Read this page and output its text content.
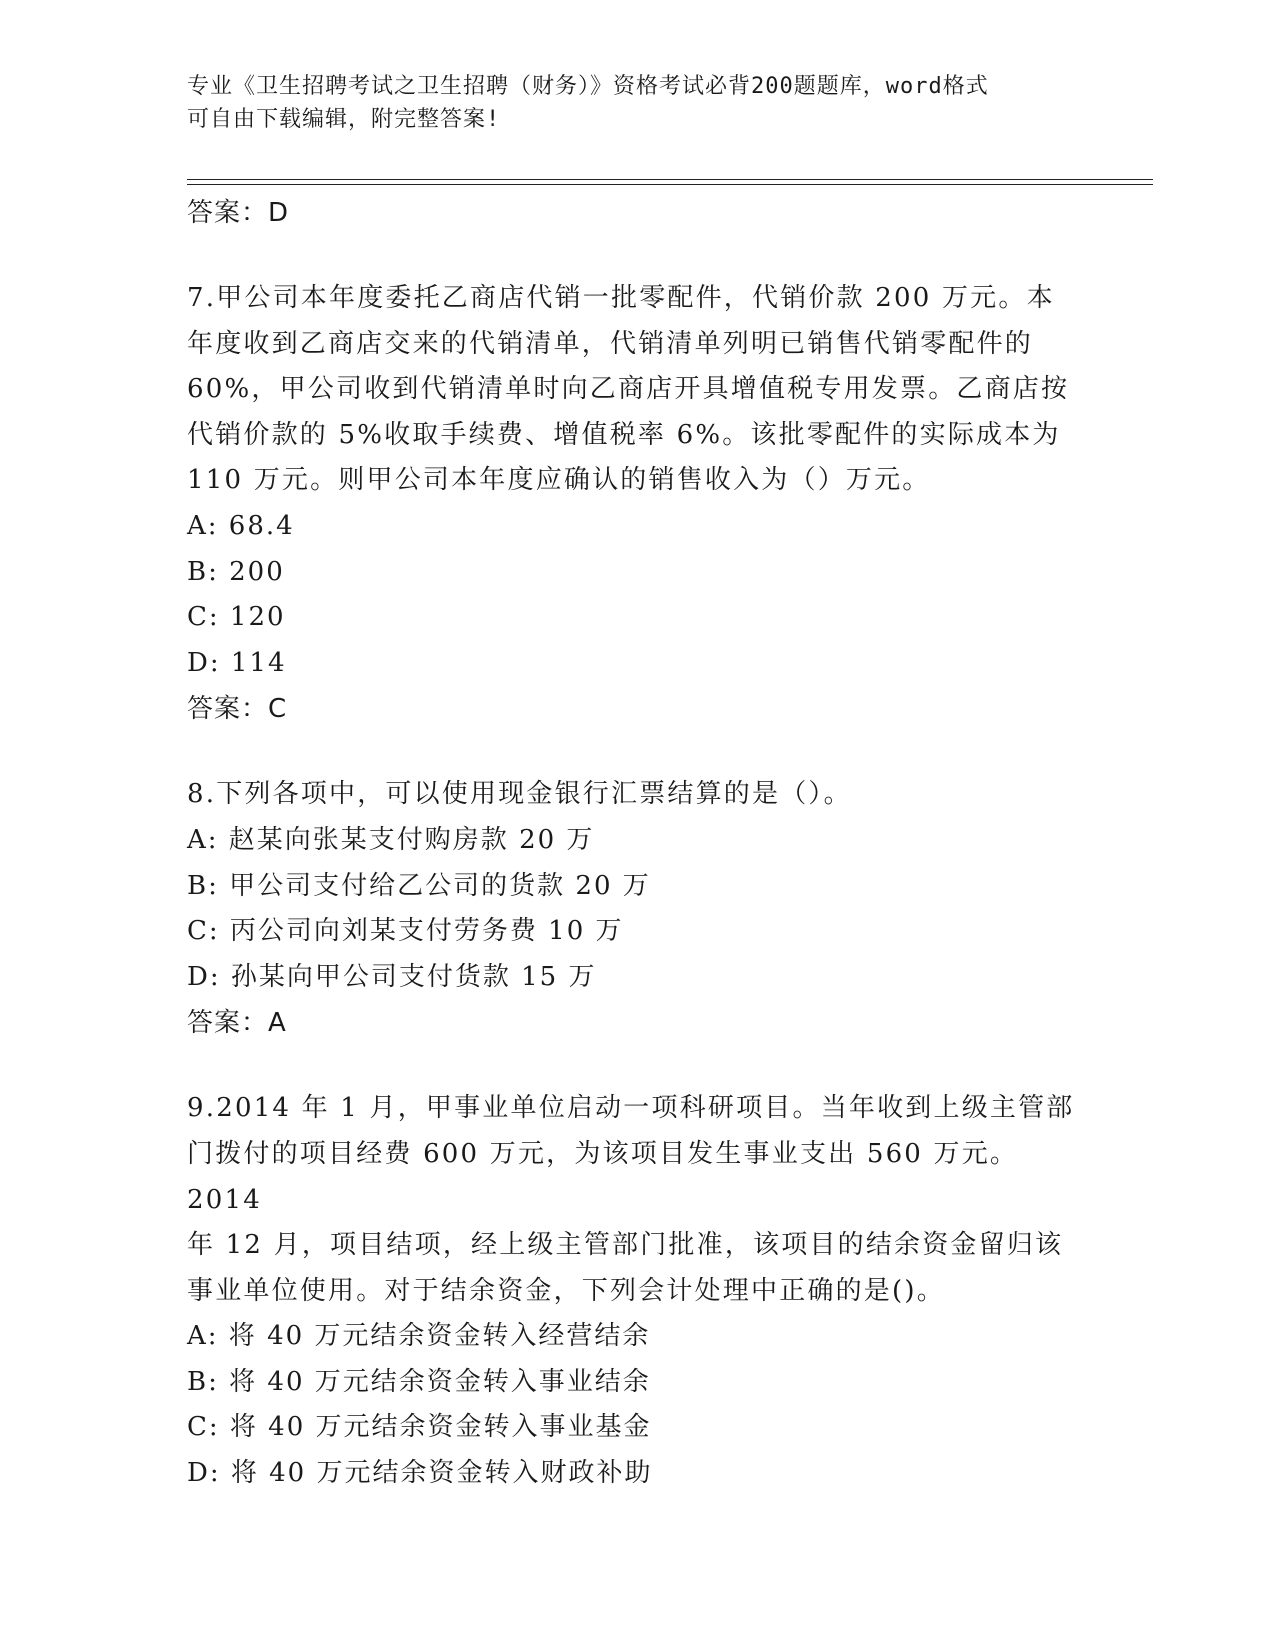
专业《卫生招聘考试之卫生招聘（财务）》资格考试必背200题题库，word格式
可自由下载编辑，附完整答案!
答案：D
7.甲公司本年度委托乙商店代销一批零配件，代销价款 200 万元。本
年度收到乙商店交来的代销清单，代销清单列明已销售代销零配件的
60%，甲公司收到代销清单时向乙商店开具增值税专用发票。乙商店按
代销价款的 5%收取手续费、增值税率 6%。该批零配件的实际成本为
110 万元。则甲公司本年度应确认的销售收入为（）万元。
A: 68.4
B: 200
C: 120
D: 114
答案：C
8.下列各项中，可以使用现金银行汇票结算的是（）。
A: 赵某向张某支付购房款 20 万
B: 甲公司支付给乙公司的货款 20 万
C: 丙公司向刘某支付劳务费 10 万
D: 孙某向甲公司支付货款 15 万
答案：A
9.2014 年 1 月，甲事业单位启动一项科研项目。当年收到上级主管部
门拨付的项目经费 600 万元，为该项目发生事业支出 560 万元。2014
年 12 月，项目结项，经上级主管部门批准，该项目的结余资金留归该
事业单位使用。对于结余资金，下列会计处理中正确的是()。
A: 将 40 万元结余资金转入经营结余
B: 将 40 万元结余资金转入事业结余
C: 将 40 万元结余资金转入事业基金
D: 将 40 万元结余资金转入财政补助
